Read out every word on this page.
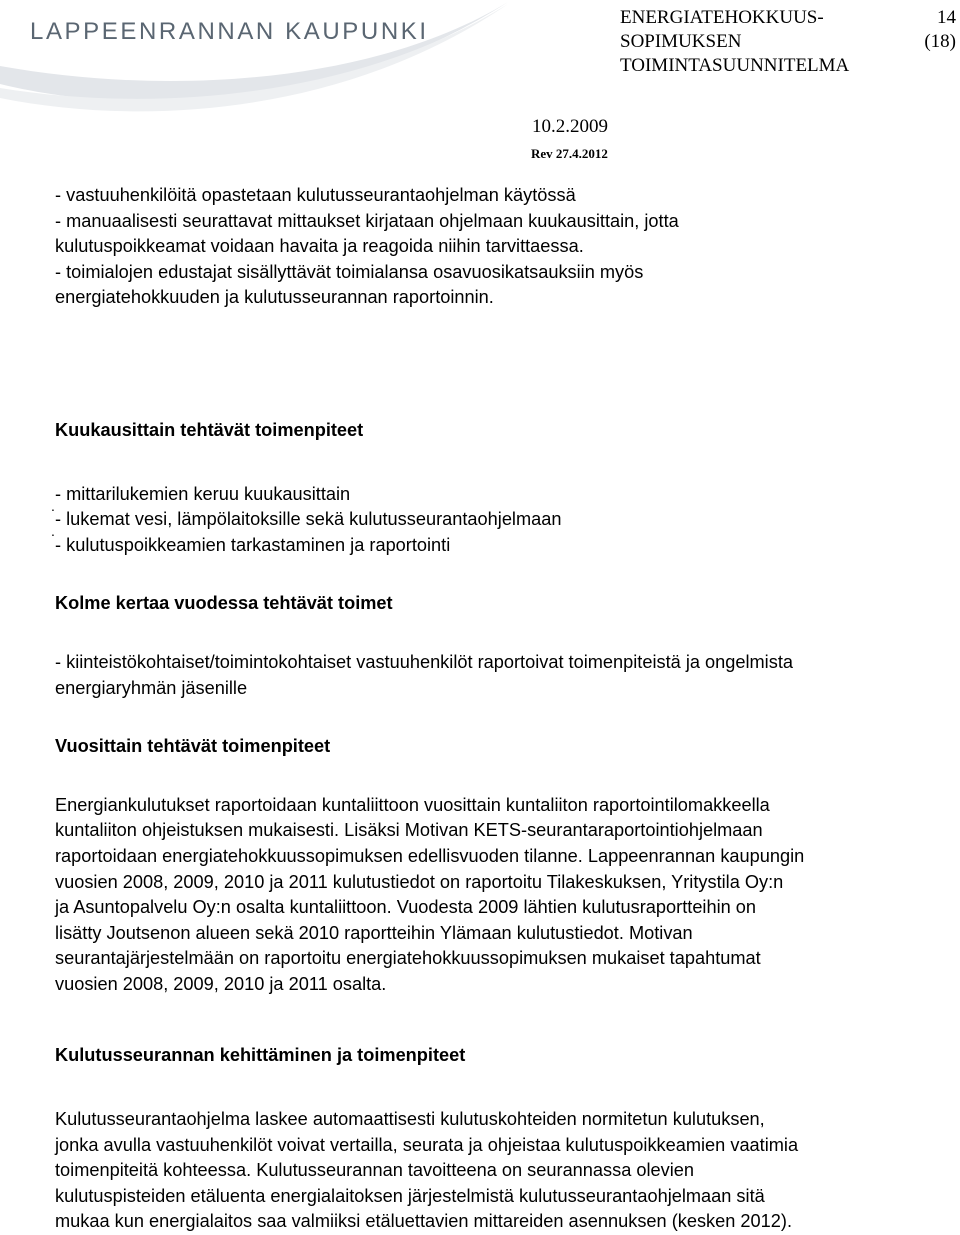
LAPPEENRANNAN KAUPUNKI

ENERGIATEHOKKUUS-
SOPIMUKSEN
TOIMINTASUUNNITELMA
14
(18)
10.2.2009
Rev 27.4.2012

- vastuuhenkilöitä opastetaan kulutusseurantaohjelman käytössä

- manuaalisesti seurattavat mittaukset kirjataan ohjelmaan kuukausittain, jotta

kulutuspoikkeamat voidaan havaita ja reagoida niihin tarvittaessa.

- toimialojen edustajat sisällyttävät toimialansa osavuosikatsauksiin myös

energiatehokkuuden ja kulutusseurannan raportoinnin.

Kuukausittain tehtävät toimenpiteet

- mittarilukemien keruu kuukausittain

- lukemat vesi, lämpölaitoksille sekä kulutusseurantaohjelmaan

- kulutuspoikkeamien tarkastaminen ja raportointi

Kolme kertaa vuodessa tehtävät toimet

- kiinteistökohtaiset/toimintokohtaiset vastuuhenkilöt raportoivat toimenpiteistä ja ongelmista

energiaryhmän jäsenille

Vuosittain tehtävät toimenpiteet

Energiankulutukset raportoidaan kuntaliittoon vuosittain kuntaliiton raportointilomakkeella

kuntaliiton ohjeistuksen mukaisesti. Lisäksi Motivan KETS-seurantaraportointiohjelmaan

raportoidaan energiatehokkuussopimuksen edellisvuoden tilanne. Lappeenrannan kaupungin

vuosien 2008, 2009, 2010 ja 2011 kulutustiedot on raportoitu Tilakeskuksen, Yritystila Oy:n

ja Asuntopalvelu Oy:n osalta kuntaliittoon. Vuodesta 2009 lähtien kulutusraportteihin on

lisätty Joutsenon alueen sekä 2010 raportteihin Ylämaan kulutustiedot. Motivan

seurantajärjestelmään on raportoitu energiatehokkuussopimuksen mukaiset tapahtumat

vuosien 2008, 2009, 2010 ja 2011 osalta.

Kulutusseurannan kehittäminen ja toimenpiteet

Kulutusseurantaohjelma laskee automaattisesti kulutuskohteiden normitetun kulutuksen,

jonka avulla vastuuhenkilöt voivat vertailla, seurata ja ohjeistaa kulutuspoikkeamien vaatimia

toimenpiteitä kohteessa. Kulutusseurannan tavoitteena on seurannassa olevien

kulutuspisteiden etäluenta energialaitoksen järjestelmistä kulutusseurantaohjelmaan sitä

mukaa kun energialaitos saa valmiiksi etäluettavien mittareiden asennuksen (kesken 2012).
